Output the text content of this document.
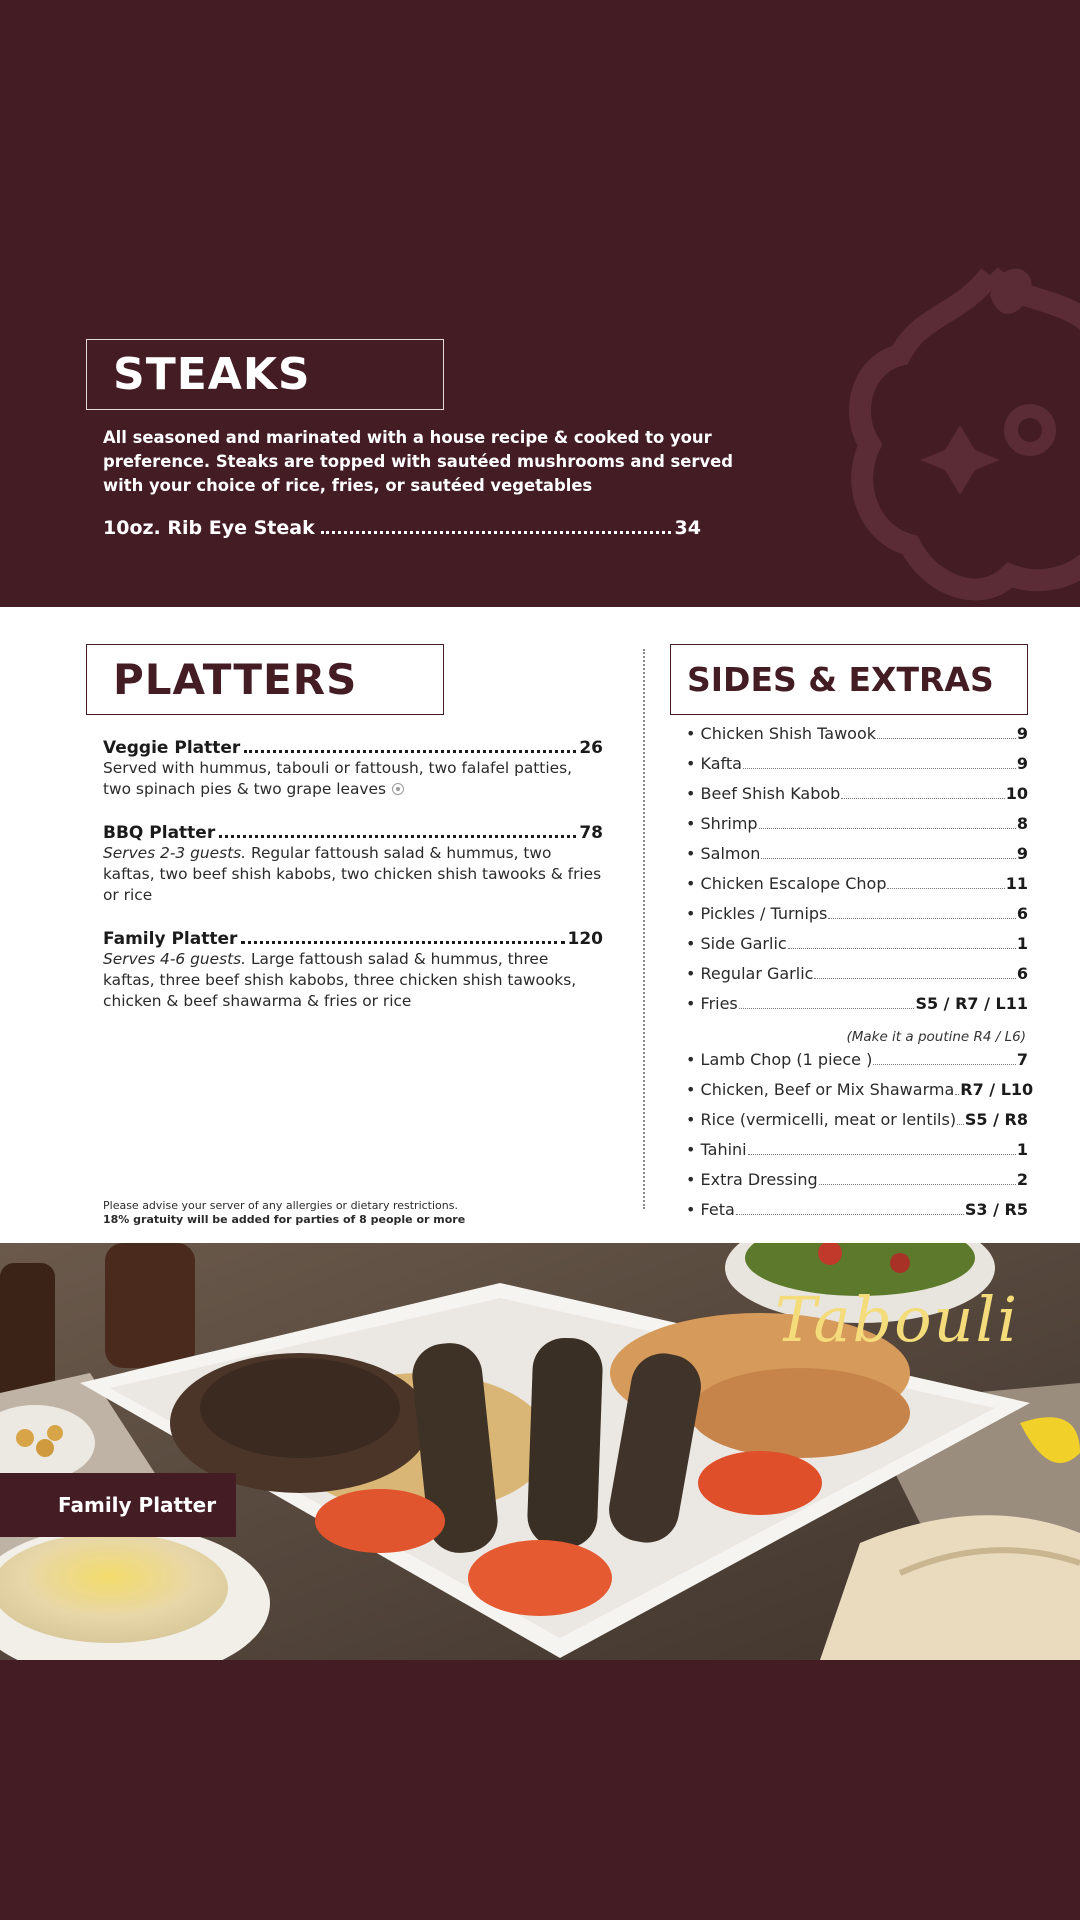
STEAKS

All seasoned and marinated with a house recipe & cooked to your preference. Steaks are topped with sautéed mushrooms and served with your choice of rice, fries, or sautéed vegetables

10oz. Rib Eye Steak	34
PLATTERS
Veggie Platter	26

Served with hummus, tabouli or fattoush, two falafel patties, two spinach pies & two grape leaves

BBQ Platter	78

Serves 2-3 guests. Regular fattoush salad & hummus, two kaftas, two beef shish kabobs, two chicken shish tawooks & fries or rice

Family Platter	120

Serves 4-6 guests. Large fattoush salad & hummus, three kaftas, three beef shish kabobs, three chicken shish tawooks, chicken & beef shawarma & fries or rice

Please advise your server of any allergies or dietary restrictions.
18% gratuity will be added for parties of 8 people or more
SIDES & EXTRAS
• Chicken Shish Tawook	9
• Kafta	9
• Beef Shish Kabob	10
• Shrimp	8
• Salmon	9
• Chicken Escalope Chop	11
• Pickles / Turnips	6
• Side Garlic	1
• Regular Garlic	6
• Fries	S5 / R7 / L11
(Make it a poutine R4 / L6)
• Lamb Chop (1 piece )	7
• Chicken, Beef or Mix Shawarma R7 / L10
• Rice (vermicelli, meat or lentils) S5 / R8
• Tahini	1
• Extra Dressing	2
• Feta	S3 / R5
Tabouli
Family Platter
